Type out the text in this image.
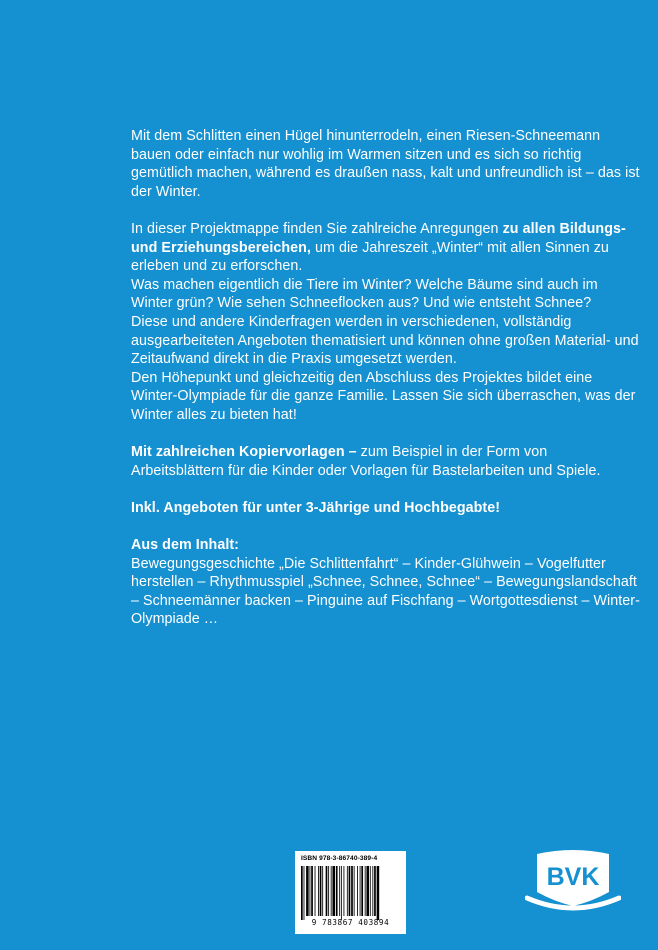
Mit dem Schlitten einen Hügel hinunterrodeln, einen Riesen-Schneemann bauen oder einfach nur wohlig im Warmen sitzen und es sich so richtig gemütlich machen, während es draußen nass, kalt und unfreundlich ist – das ist der Winter.

In dieser Projektmappe finden Sie zahlreiche Anregungen zu allen Bildungs- und Erziehungsbereichen, um die Jahreszeit „Winter“ mit allen Sinnen zu erleben und zu erforschen.

Was machen eigentlich die Tiere im Winter? Welche Bäume sind auch im Winter grün? Wie sehen Schneeflocken aus? Und wie entsteht Schnee?

Diese und andere Kinderfragen werden in verschiedenen, vollständig ausgearbeiteten Angeboten thematisiert und können ohne großen Material- und Zeitaufwand direkt in die Praxis umgesetzt werden.

Den Höhepunkt und gleichzeitig den Abschluss des Projektes bildet eine Winter-Olympiade für die ganze Familie. Lassen Sie sich überraschen, was der Winter alles zu bieten hat!

Mit zahlreichen Kopiervorlagen – zum Beispiel in der Form von Arbeitsblättern für die Kinder oder Vorlagen für Bastelarbeiten und Spiele.

Inkl. Angeboten für unter 3-Jährige und Hochbegabte!

Aus dem Inhalt:

Bewegungsgeschichte „Die Schlittenfahrt“ – Kinder-Glühwein – Vogelfutter herstellen – Rhythmusspiel „Schnee, Schnee, Schnee“ – Bewegungslandschaft – Schneemänner backen – Pinguine auf Fischfang – Wortgottesdienst – Winter-Olympiade …

ISBN 978-3-86740-389-4
9 783867 403894
BVK
